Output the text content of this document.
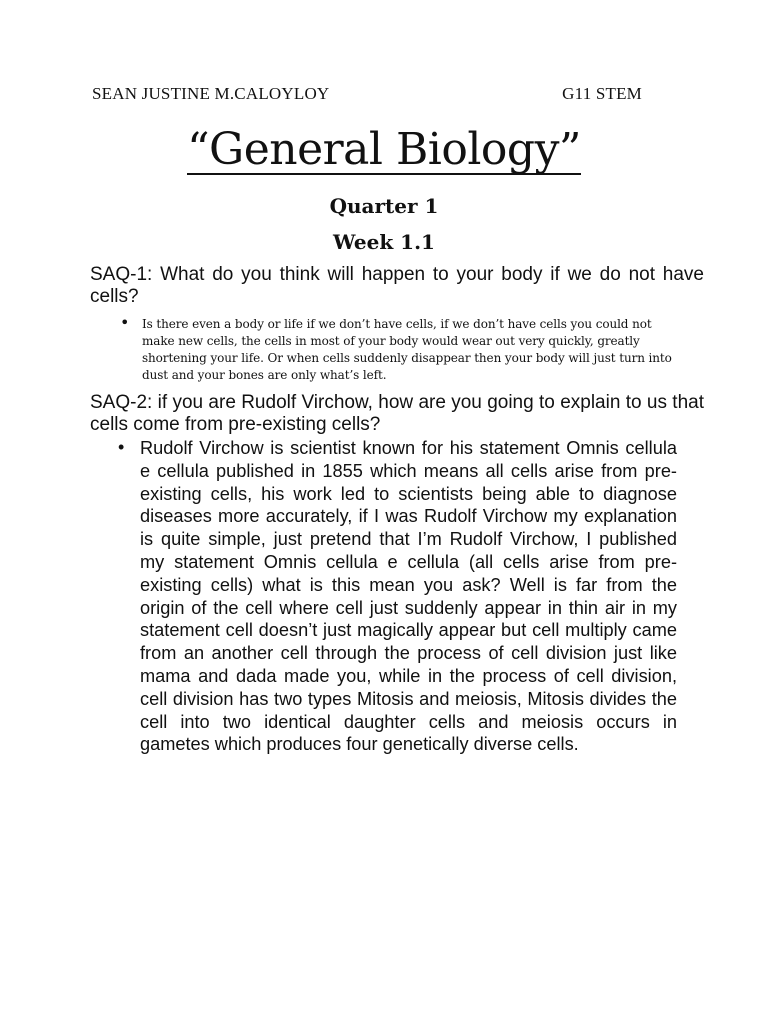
SEAN JUSTINE M.CALOYLOY	G11 STEM
“General Biology”
Quarter 1
Week 1.1
SAQ-1: What do you think will happen to your body if we do not have cells?
• Is there even a body or life if we don’t have cells, if we don’t have cells you could not make new cells, the cells in most of your body would wear out very quickly, greatly shortening your life. Or when cells suddenly disappear then your body will just turn into dust and your bones are only what’s left.
SAQ-2: if you are Rudolf Virchow, how are you going to explain to us that cells come from pre-existing cells?
• Rudolf Virchow is scientist known for his statement Omnis cellula e cellula published in 1855 which means all cells arise from pre-existing cells, his work led to scientists being able to diagnose diseases more accurately, if I was Rudolf Virchow my explanation is quite simple, just pretend that I’m Rudolf Virchow, I published my statement Omnis cellula e cellula (all cells arise from pre-existing cells) what is this mean you ask? Well is far from the origin of the cell where cell just suddenly appear in thin air in my statement cell doesn’t just magically appear but cell multiply came from an another cell through the process of cell division just like mama and dada made you, while in the process of cell division, cell division has two types Mitosis and meiosis, Mitosis divides the cell into two identical daughter cells and meiosis occurs in gametes which produces four genetically diverse cells.
